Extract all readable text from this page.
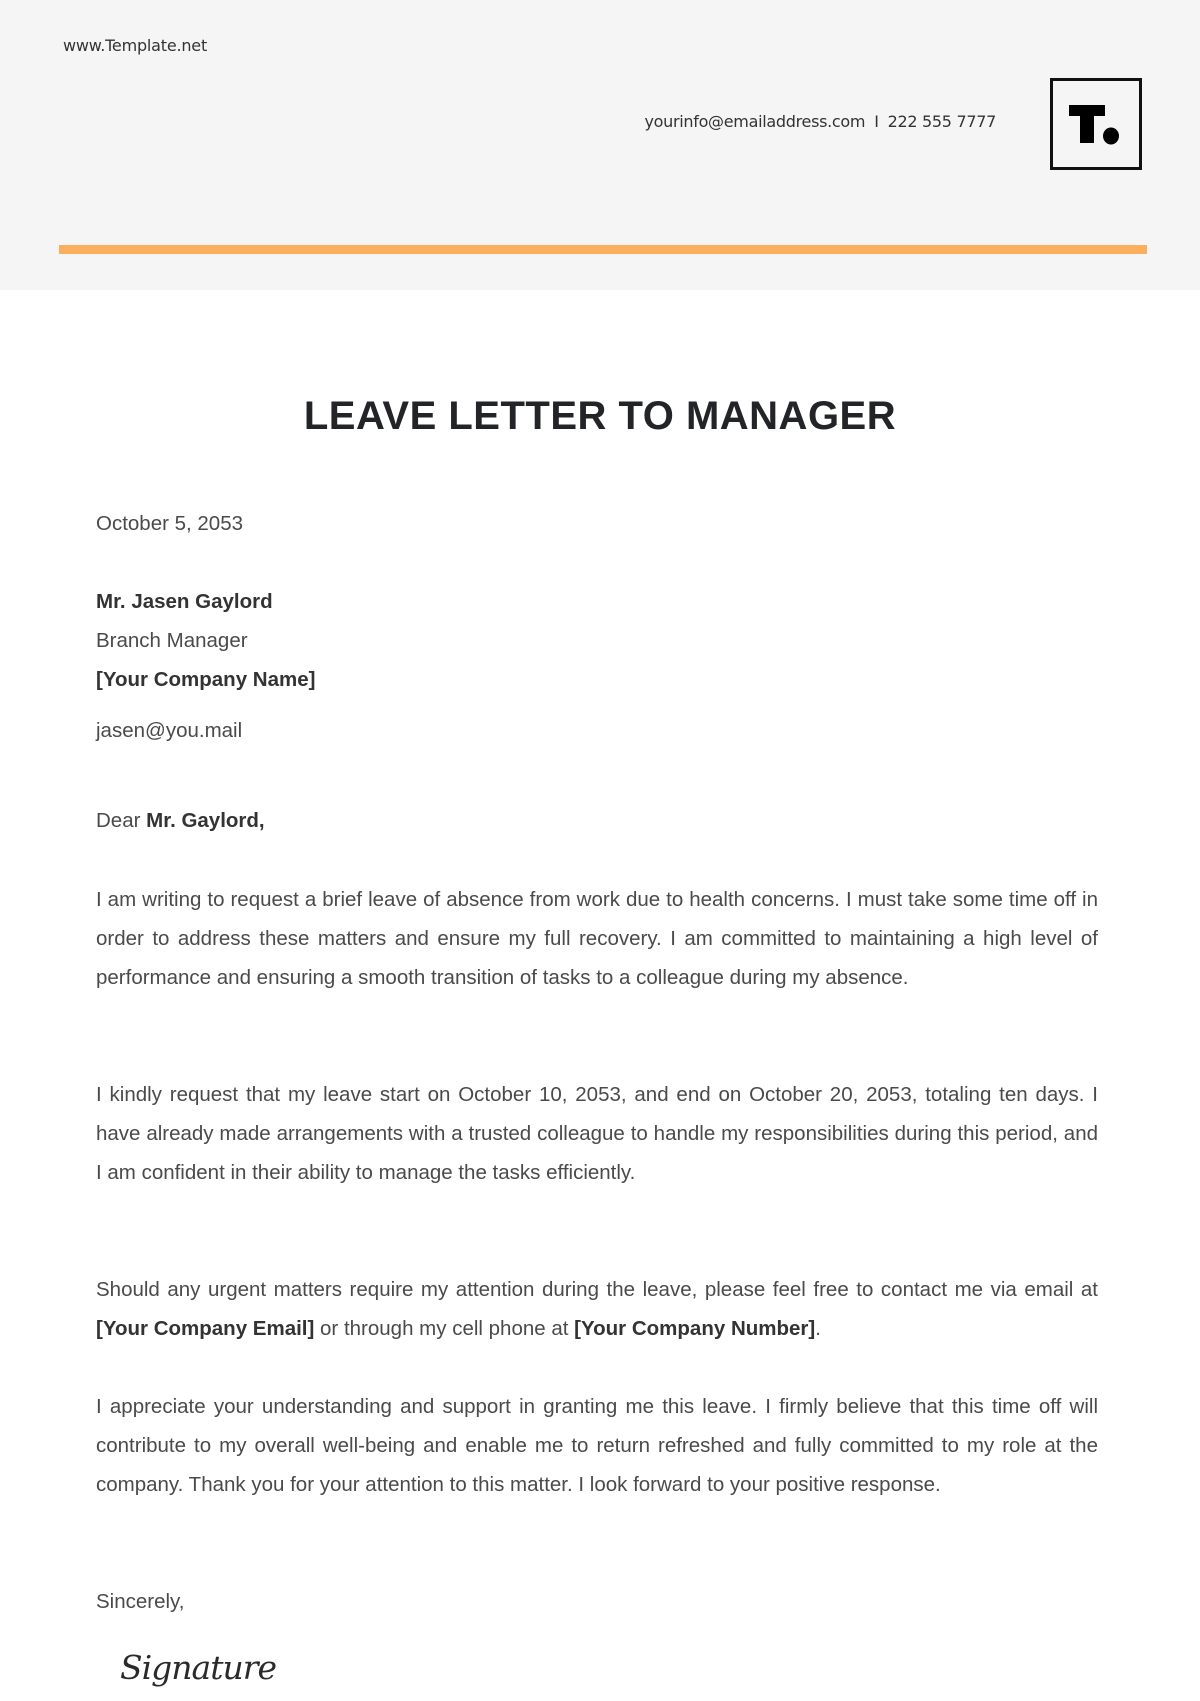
www.Template.net
yourinfo@emailaddress.com I 222 555 7777
LEAVE LETTER TO MANAGER
October 5, 2053
Mr. Jasen Gaylord
Branch Manager
[Your Company Name]
jasen@you.mail
Dear Mr. Gaylord,

I am writing to request a brief leave of absence from work due to health concerns. I must take some time off in order to address these matters and ensure my full recovery. I am committed to maintaining a high level of performance and ensuring a smooth transition of tasks to a colleague during my absence.

I kindly request that my leave start on October 10, 2053, and end on October 20, 2053, totaling ten days. I have already made arrangements with a trusted colleague to handle my responsibilities during this period, and I am confident in their ability to manage the tasks efficiently.

Should any urgent matters require my attention during the leave, please feel free to contact me via email at [Your Company Email] or through my cell phone at [Your Company Number].

I appreciate your understanding and support in granting me this leave. I firmly believe that this time off will contribute to my overall well-being and enable me to return refreshed and fully committed to my role at the company. Thank you for your attention to this matter. I look forward to your positive response.

Sincerely,
Signature
